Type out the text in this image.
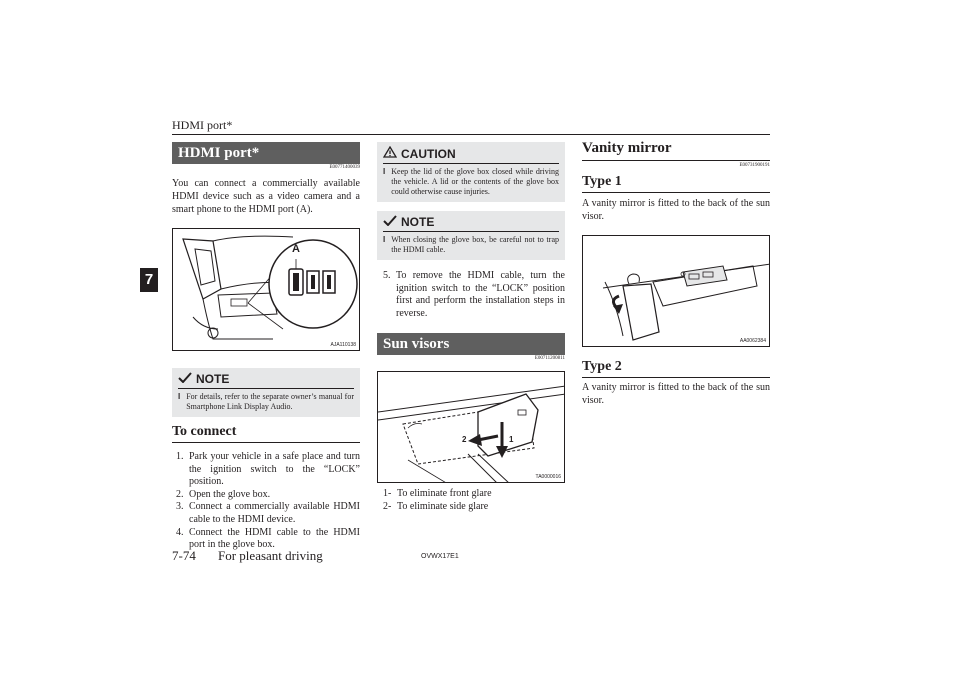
HDMI port*
7
HDMI port*
E00771400039
You can connect a commercially available HDMI device such as a video camera and a smart phone to the HDMI port (A).
A
AJA110138
NOTE
l For details, refer to the separate owner’s manual for Smartphone Link Display Audio.
To connect
1. Park your vehicle in a safe place and turn the ignition switch to the “LOCK” position.
2. Open the glove box.
3. Connect a commercially available HDMI cable to the HDMI device.
4. Connect the HDMI cable to the HDMI port in the glove box.
CAUTION
l Keep the lid of the glove box closed while driving the vehicle. A lid or the contents of the glove box could otherwise cause injuries.
NOTE
l When closing the glove box, be careful not to trap the HDMI cable.
5. To remove the HDMI cable, turn the ignition switch to the “LOCK” position first and perform the installation steps in reverse.
Sun visors
E00711200811
2	1
TA0000016
1- To eliminate front glare
2- To eliminate side glare
Vanity mirror
E00731900191
Type 1
A vanity mirror is fitted to the back of the sun visor.
AA0062384
Type 2
A vanity mirror is fitted to the back of the sun visor.
7-74 For pleasant driving	OVWX17E1
